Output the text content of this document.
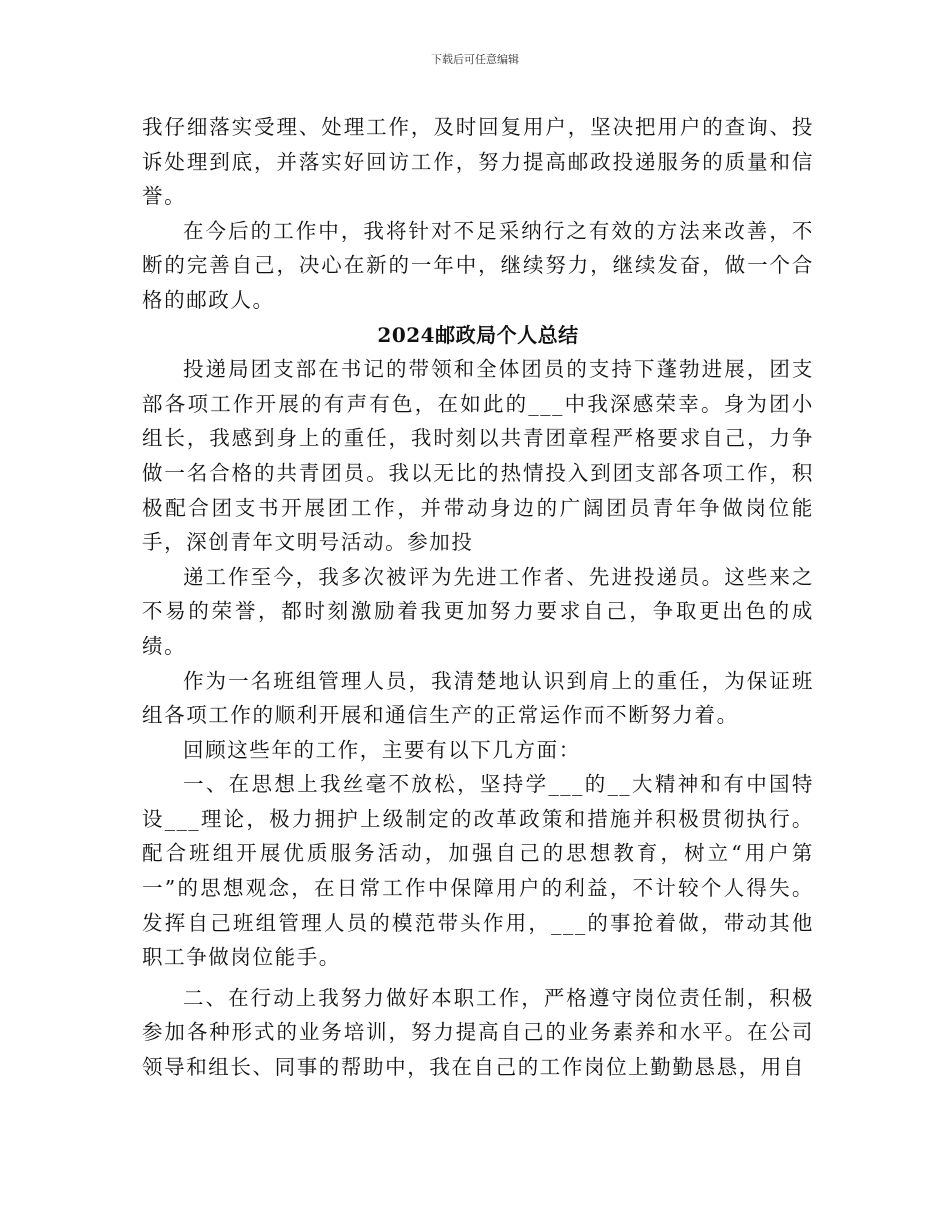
下载后可任意编辑

我仔细落实受理、处理工作，及时回复用户，坚决把用户的查询、投诉处理到底，并落实好回访工作，努力提高邮政投递服务的质量和信誉。

在今后的工作中，我将针对不足采纳行之有效的方法来改善，不断的完善自己，决心在新的一年中，继续努力，继续发奋，做一个合格的邮政人。

2024邮政局个人总结

投递局团支部在书记的带领和全体团员的支持下蓬勃进展，团支部各项工作开展的有声有色，在如此的___中我深感荣幸。身为团小组长，我感到身上的重任，我时刻以共青团章程严格要求自己，力争做一名合格的共青团员。我以无比的热情投入到团支部各项工作，积极配合团支书开展团工作，并带动身边的广阔团员青年争做岗位能手，深创青年文明号活动。参加投

递工作至今，我多次被评为先进工作者、先进投递员。这些来之不易的荣誉，都时刻激励着我更加努力要求自己，争取更出色的成绩。

作为一名班组管理人员，我清楚地认识到肩上的重任，为保证班组各项工作的顺利开展和通信生产的正常运作而不断努力着。

回顾这些年的工作，主要有以下几方面：

一、在思想上我丝毫不放松，坚持学___的__大精神和有中国特设___理论，极力拥护上级制定的改革政策和措施并积极贯彻执行。配合班组开展优质服务活动，加强自己的思想教育，树立“用户第一”的思想观念，在日常工作中保障用户的利益，不计较个人得失。发挥自己班组管理人员的模范带头作用，___的事抢着做，带动其他职工争做岗位能手。

二、在行动上我努力做好本职工作，严格遵守岗位责任制，积极参加各种形式的业务培训，努力提高自己的业务素养和水平。在公司领导和组长、同事的帮助中，我在自己的工作岗位上勤勤恳恳，用自
